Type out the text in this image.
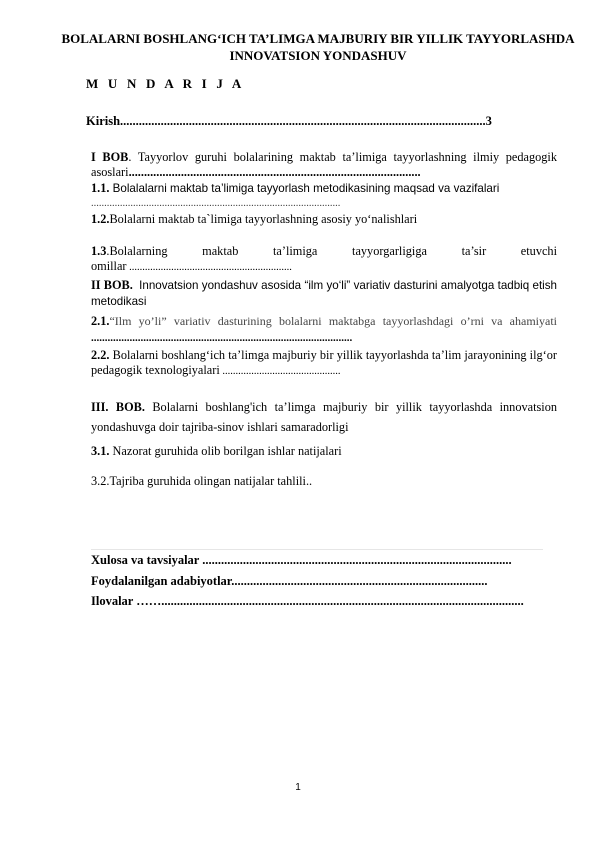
BOLALARNI BOSHLANG‘ICH TA’LIMGA MAJBURIY BIR YILLIK TAYYORLASHDA INNOVATSION YONDASHUV
M U N D A R I J A
Kirish.....................................................................................................................3
I BOB. Tayyorlov guruhi bolalarining maktab ta’limiga tayyorlashning ilmiy pedagogik asoslari...............................................................................................
1.1. Bolalalarni maktab ta’limiga tayyorlash metodikasining maqsad va vazifalari
...............................................................................................
1.2.Bolalarni maktab ta`limiga tayyorlashning asosiy yo‘nalishlari
1.3.Bolalarning maktab ta’limiga tayyorgarligiga ta’sir etuvchi
omillar ..............................................................
II BOB. Innovatsion yondashuv asosida “ilm yo‘li” variativ dasturini amalyotga tadbiq etish metodikasi
2.1.“Ilm yo’li” variativ dasturining bolalarni maktabga tayyorlashdagi o’rni va ahamiyati ...............................................................................................
2.2. Bolalarni boshlang‘ich ta’limga majburiy bir yillik tayyorlashda ta’lim jarayonining ilg‘or pedagogik texnologiyalari .............................................
III. BOB. Bolalarni boshlang'ich ta’limga majburiy bir yillik tayyorlashda innovatsion yondashuvga doir tajriba-sinov ishlari samaradorligi
3.1. Nazorat guruhida olib borilgan ishlar natijalari
3.2.Tajriba guruhida olingan natijalar tahlili..
Xulosa va tavsiyalar ...................................................................................................
Foydalanilgan adabiyotlar..................................................................................
Ilovalar ……....................................................................................................................
1
